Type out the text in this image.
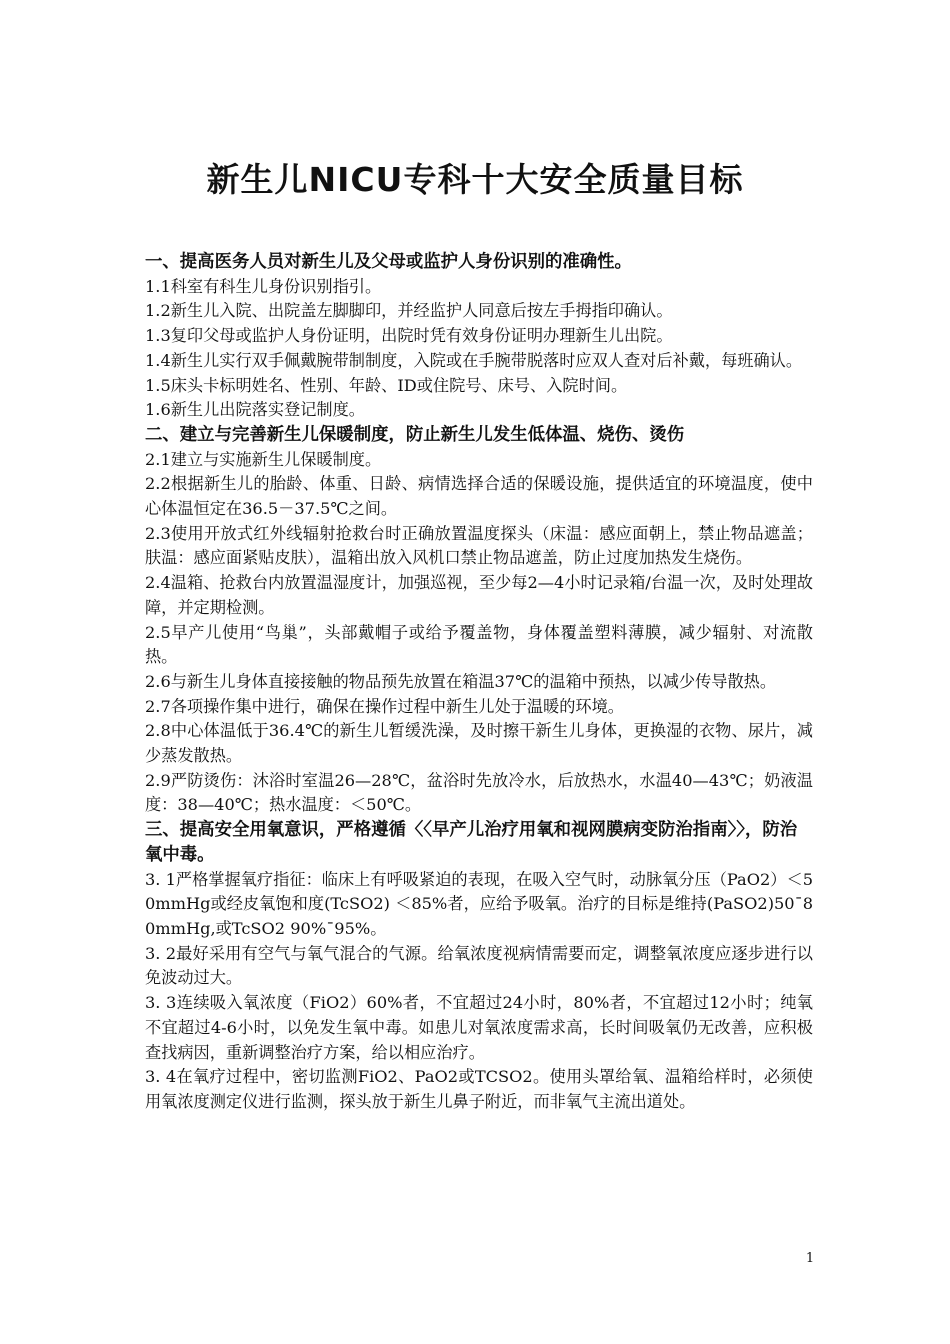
新生儿NICU专科十大安全质量目标

一、提高医务人员对新生儿及父母或监护人身份识别的准确性。

1.1科室有科生儿身份识别指引。

1.2新生儿入院、出院盖左脚脚印，并经监护人同意后按左手拇指印确认。

1.3复印父母或监护人身份证明，出院时凭有效身份证明办理新生儿出院。

1.4新生儿实行双手佩戴腕带制制度，入院或在手腕带脱落时应双人查对后补戴，每班确认。

1.5床头卡标明姓名、性别、年龄、ID或住院号、床号、入院时间。

1.6新生儿出院落实登记制度。

二、建立与完善新生儿保暖制度，防止新生儿发生低体温、烧伤、烫伤

2.1建立与实施新生儿保暖制度。

2.2根据新生儿的胎龄、体重、日龄、病情选择合适的保暖设施，提供适宜的环境温度，使中心体温恒定在36.5－37.5℃之间。

2.3使用开放式红外线辐射抢救台时正确放置温度探头（床温：感应面朝上，禁止物品遮盖；肤温：感应面紧贴皮肤），温箱出放入风机口禁止物品遮盖，防止过度加热发生烧伤。

2.4温箱、抢救台内放置温湿度计，加强巡视，至少每2—4小时记录箱/台温一次，及时处理故障，并定期检测。

2.5早产儿使用“鸟巢”，头部戴帽子或给予覆盖物，身体覆盖塑料薄膜，减少辐射、对流散热。

2.6与新生儿身体直接接触的物品预先放置在箱温37℃的温箱中预热，以减少传导散热。

2.7各项操作集中进行，确保在操作过程中新生儿处于温暖的环境。

2.8中心体温低于36.4℃的新生儿暂缓洗澡，及时擦干新生儿身体，更换湿的衣物、尿片，减少蒸发散热。

2.9严防烫伤：沐浴时室温26—28℃，盆浴时先放冷水，后放热水，水温40—43℃；奶液温度：38—40℃；热水温度：＜50℃。

三、提高安全用氧意识，严格遵循〈〈早产儿治疗用氧和视网膜病变防治指南〉〉，防治氧中毒。

3. 1严格掌握氧疗指征：临床上有呼吸紧迫的表现，在吸入空气时，动脉氧分压（PaO2）＜50mmHg或经皮氧饱和度(TcSO2) ＜85%者，应给予吸氧。治疗的目标是维持(PaSO2)50¯80mmHg,或TcSO2 90%¯95%。

3. 2最好采用有空气与氧气混合的气源。给氧浓度视病情需要而定，调整氧浓度应逐步进行以免波动过大。

3. 3连续吸入氧浓度（FiO2）60%者，不宜超过24小时，80%者，不宜超过12小时；纯氧不宜超过4-6小时，以免发生氧中毒。如患儿对氧浓度需求高，长时间吸氧仍无改善，应积极查找病因，重新调整治疗方案，给以相应治疗。

3. 4在氧疗过程中，密切监测FiO2、PaO2或TCSO2。使用头罩给氧、温箱给样时，必须使用氧浓度测定仪进行监测，探头放于新生儿鼻子附近，而非氧气主流出道处。

1
